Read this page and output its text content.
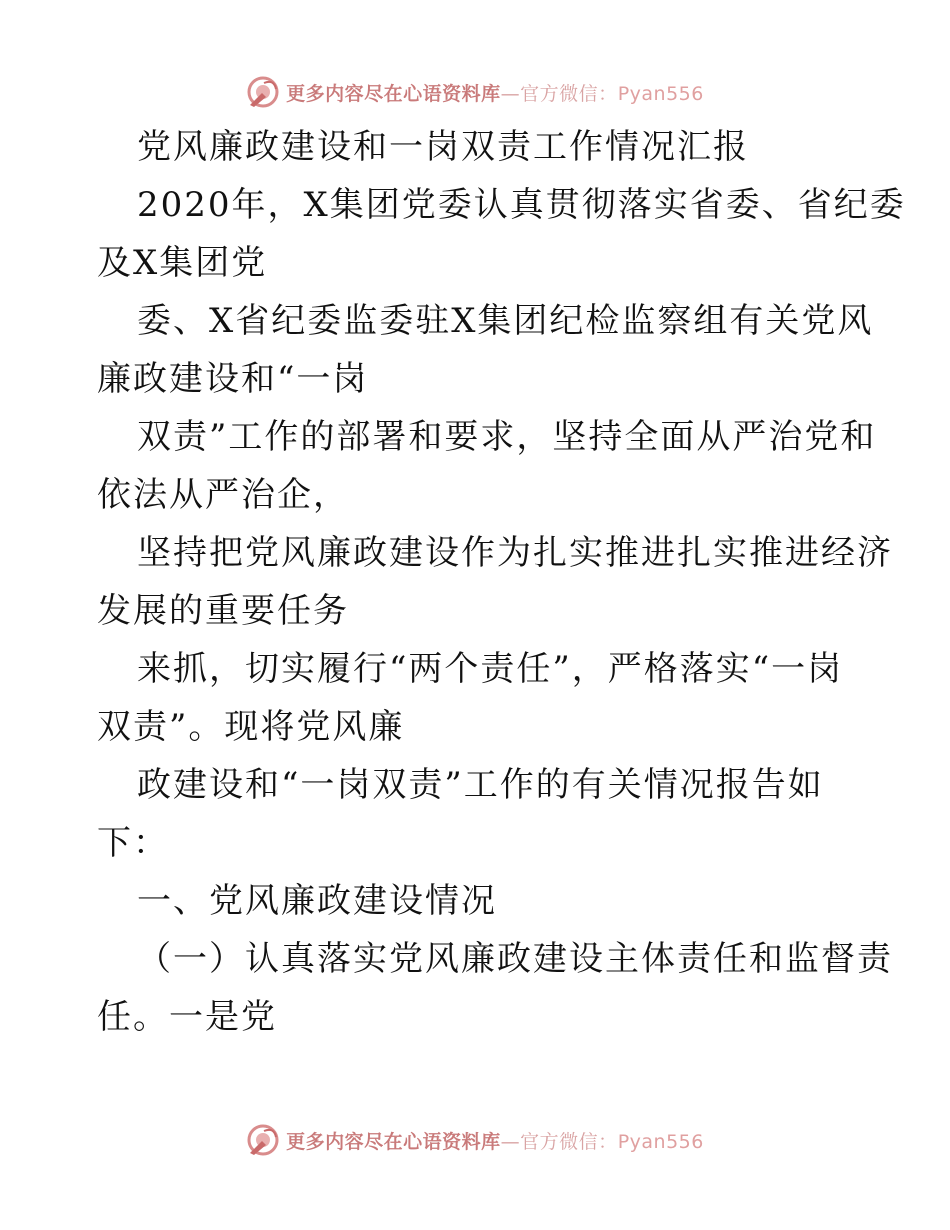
更多内容尽在心语资料库—官方微信：Pyan556
党风廉政建设和一岗双责工作情况汇报
2020年，X集团党委认真贯彻落实省委、省纪委
及X集团党
委、X省纪委监委驻X集团纪检监察组有关党风
廉政建设和“一岗
双责”工作的部署和要求，坚持全面从严治党和
依法从严治企，
坚持把党风廉政建设作为扎实推进扎实推进经济
发展的重要任务
来抓，切实履行“两个责任”，严格落实“一岗
双责”。现将党风廉
政建设和“一岗双责”工作的有关情况报告如
下：
一、党风廉政建设情况
（一）认真落实党风廉政建设主体责任和监督责
任。一是党
更多内容尽在心语资料库—官方微信：Pyan556
